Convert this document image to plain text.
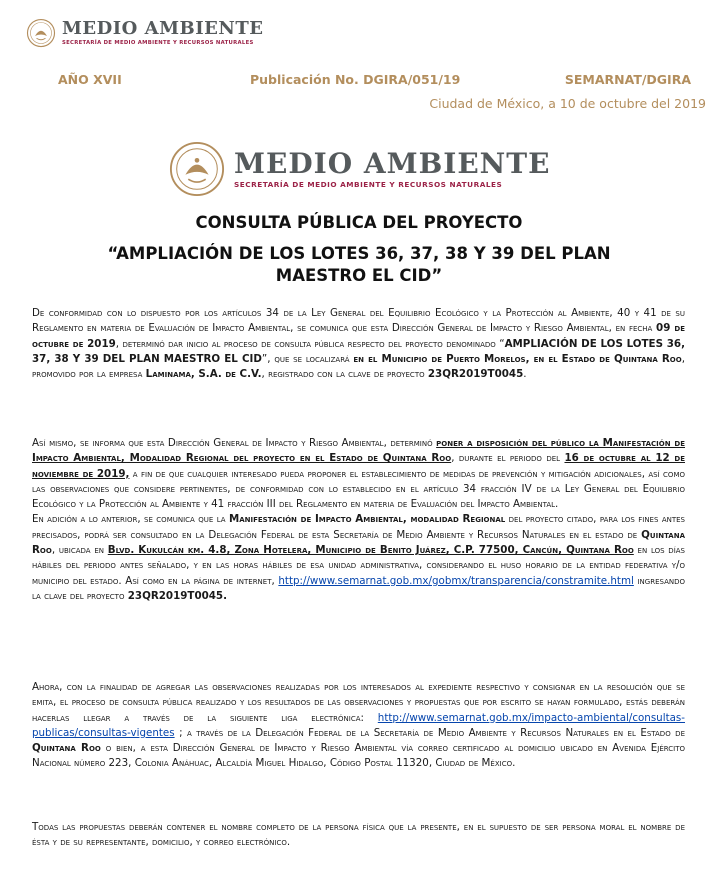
MEDIO AMBIENTE
SECRETARÍA DE MEDIO AMBIENTE Y RECURSOS NATURALES
AÑO XVII	Publicación No. DGIRA/051/19	SEMARNAT/DGIRA
Ciudad de México, a 10 de octubre del 2019
MEDIO AMBIENTE
SECRETARÍA DE MEDIO AMBIENTE Y RECURSOS NATURALES
CONSULTA PÚBLICA DEL PROYECTO
“AMPLIACIÓN DE LOS LOTES 36, 37, 38 Y 39 DEL PLAN MAESTRO EL CID”

De conformidad con lo dispuesto por los artículos 34 de la Ley General del Equilibrio Ecológico y la Protección al Ambiente, 40 y 41 de su Reglamento en materia de Evaluación de Impacto Ambiental, se comunica que esta Dirección General de Impacto y Riesgo Ambiental, en fecha 09 de octubre de 2019, determinó dar inicio al proceso de consulta pública respecto del proyecto denominado “AMPLIACIÓN DE LOS LOTES 36, 37, 38 Y 39 DEL PLAN MAESTRO EL CID”, que se localizará en el Municipio de Puerto Morelos, en el Estado de Quintana Roo, promovido por la empresa Laminama, S.A. de C.V., registrado con la clave de proyecto 23QR2019T0045.

Así mismo, se informa que esta Dirección General de Impacto y Riesgo Ambiental, determinó poner a disposición del público la Manifestación de Impacto Ambiental, Modalidad Regional del proyecto en el Estado de Quintana Roo, durante el periodo del 16 de octubre al 12 de noviembre de 2019, a fin de que cualquier interesado pueda proponer el establecimiento de medidas de prevención y mitigación adicionales, así como las observaciones que considere pertinentes, de conformidad con lo establecido en el artículo 34 fracción IV de la Ley General del Equilibrio Ecológico y la Protección al Ambiente y 41 fracción III del Reglamento en materia de Evaluación del Impacto Ambiental.

En adición a lo anterior, se comunica que la Manifestación de Impacto Ambiental, modalidad Regional del proyecto citado, para los fines antes precisados, podrá ser consultado en la Delegación Federal de esta Secretaría de Medio Ambiente y Recursos Naturales en el estado de Quintana Roo, ubicada en Blvd. Kukulcán km. 4.8, Zona Hotelera, Municipio de Benito Juárez, C.P. 77500, Cancún, Quintana Roo en los días hábiles del periodo antes señalado, y en las horas hábiles de esa unidad administrativa, considerando el huso horario de la entidad federativa y/o municipio del estado. Así como en la página de internet, http://www.semarnat.gob.mx/gobmx/transparencia/constramite.html ingresando la clave del proyecto 23QR2019T0045.

Ahora, con la finalidad de agregar las observaciones realizadas por los interesados al expediente respectivo y consignar en la resolución que se emita, el proceso de consulta pública realizado y los resultados de las observaciones y propuestas que por escrito se hayan formulado, estás deberán hacerlas llegar a través de la siguiente liga electrónica: http://www.semarnat.gob.mx/impacto-ambiental/consultas-publicas/consultas-vigentes ; a través de la Delegación Federal de la Secretaría de Medio Ambiente y Recursos Naturales en el Estado de Quintana Roo o bien, a esta Dirección General de Impacto y Riesgo Ambiental vía correo certificado al domicilio ubicado en Avenida Ejército Nacional número 223, Colonia Anáhuac, Alcaldía Miguel Hidalgo, Código Postal 11320, Ciudad de México.

Todas las propuestas deberán contener el nombre completo de la persona física que la presente, en el supuesto de ser persona moral el nombre de ésta y de su representante, domicilio, y correo electrónico.
